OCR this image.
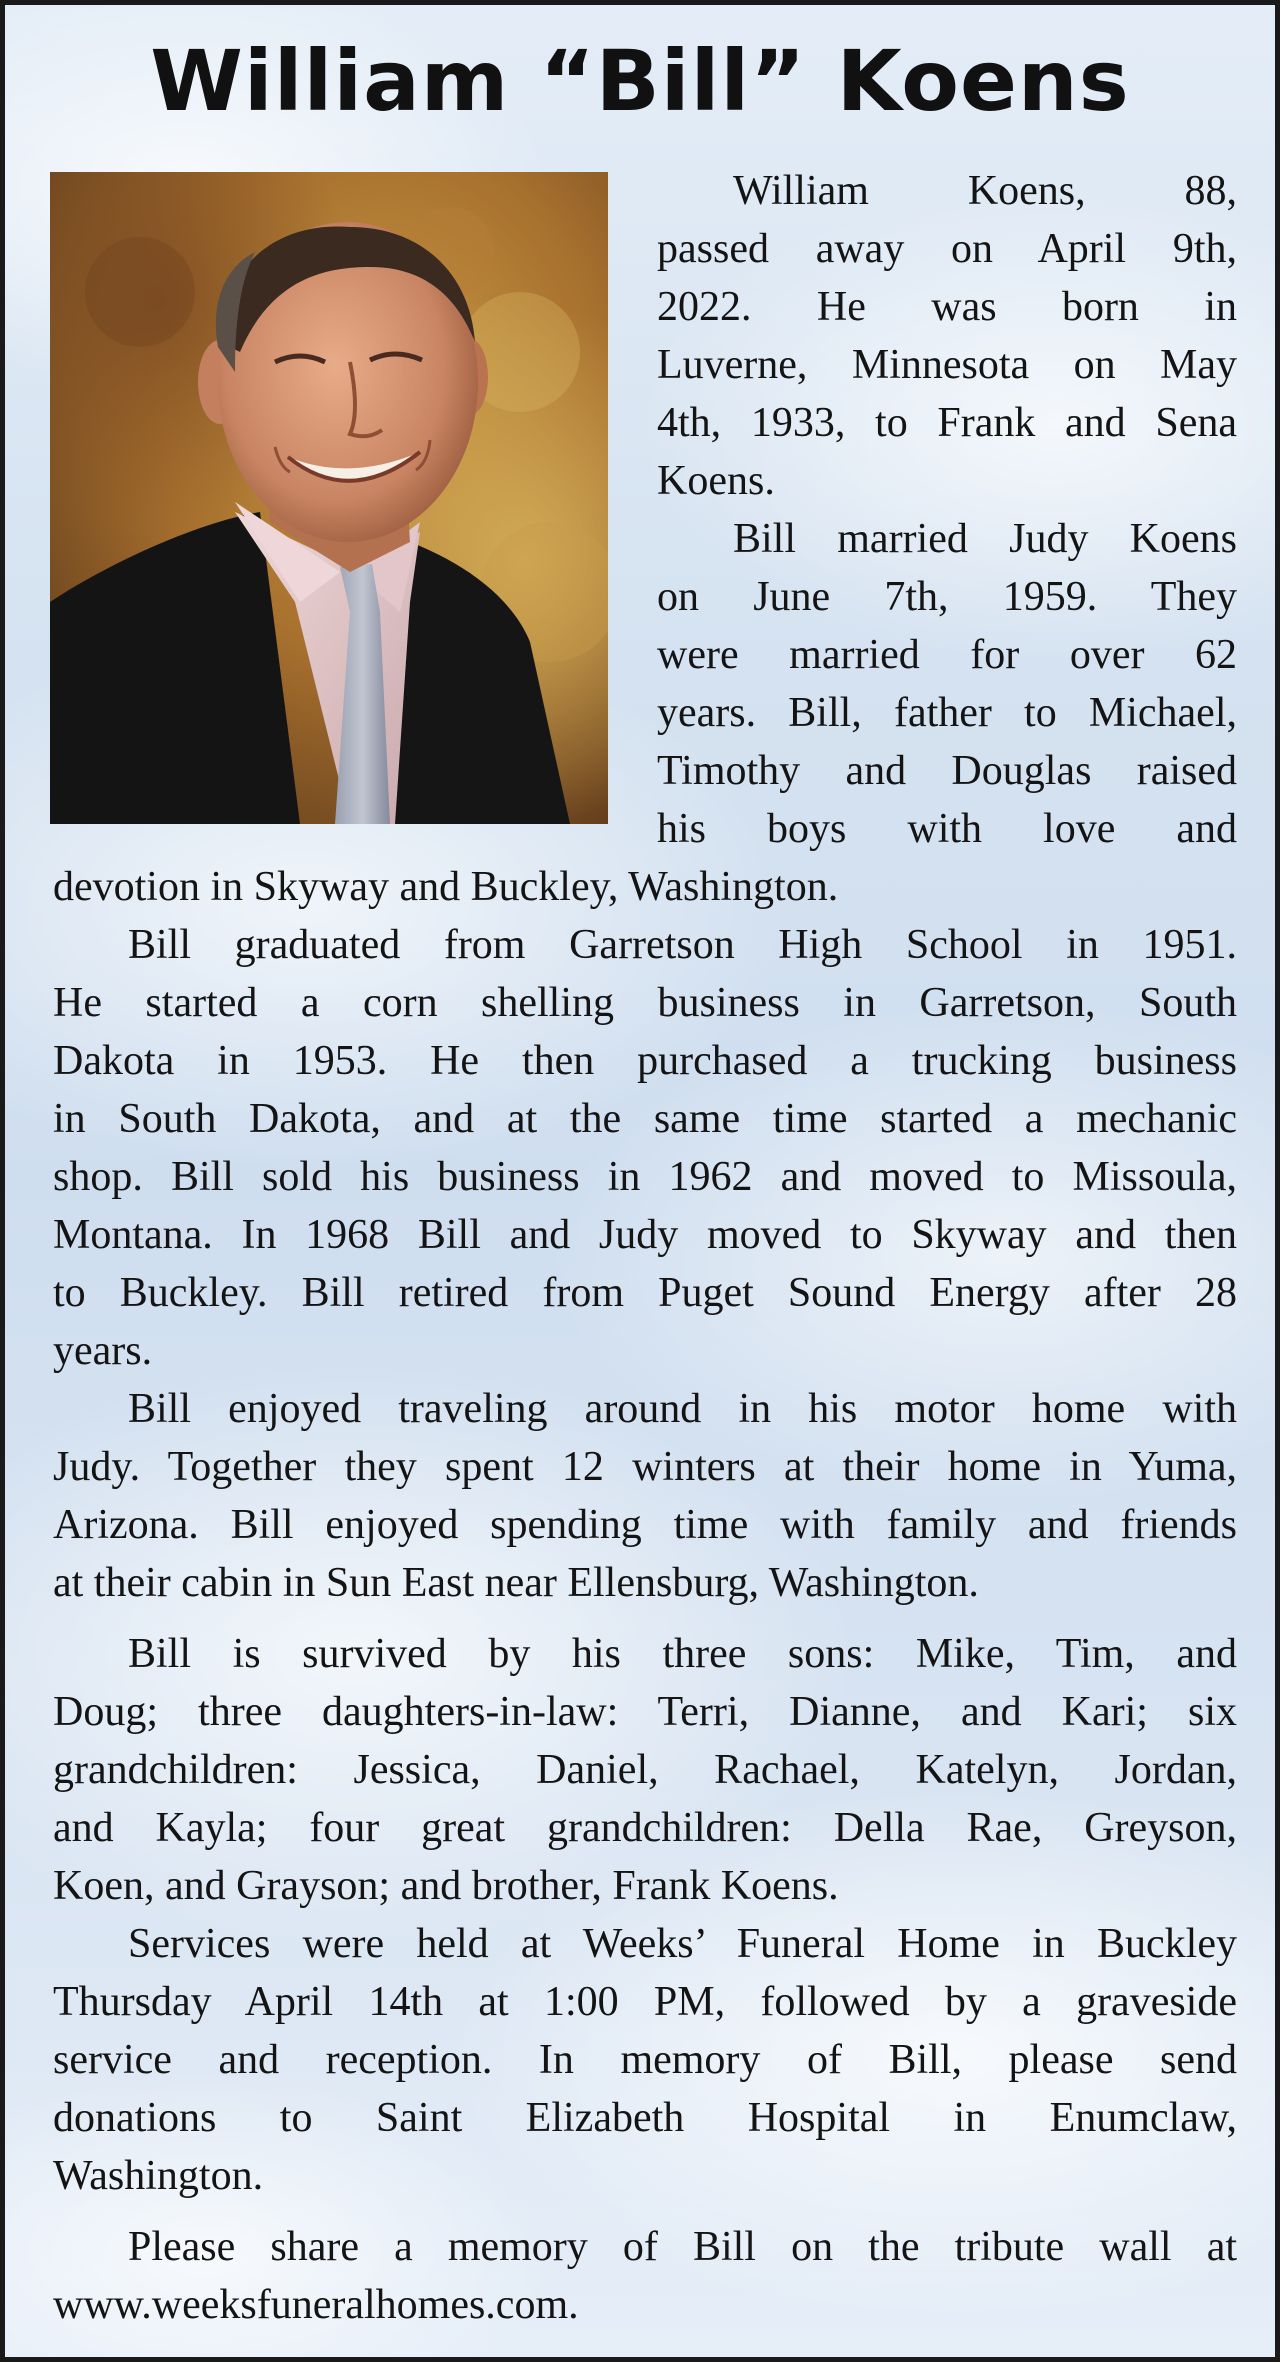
William “Bill” Koens

William Koens, 88,

passed away on April 9th,

2022. He was born in

Luverne, Minnesota on May

4th, 1933, to Frank and Sena

Koens.

Bill married Judy Koens

on June 7th, 1959. They

were married for over 62

years. Bill, father to Michael,

Timothy and Douglas raised

his boys with love and

devotion in Skyway and Buckley, Washington.

Bill graduated from Garretson High School in 1951.

He started a corn shelling business in Garretson, South

Dakota in 1953. He then purchased a trucking business

in South Dakota, and at the same time started a mechanic

shop. Bill sold his business in 1962 and moved to Missoula,

Montana. In 1968 Bill and Judy moved to Skyway and then

to Buckley. Bill retired from Puget Sound Energy after 28

years.

Bill enjoyed traveling around in his motor home with

Judy. Together they spent 12 winters at their home in Yuma,

Arizona. Bill enjoyed spending time with family and friends

at their cabin in Sun East near Ellensburg, Washington.

Bill is survived by his three sons: Mike, Tim, and

Doug; three daughters-in-law: Terri, Dianne, and Kari; six

grandchildren: Jessica, Daniel, Rachael, Katelyn, Jordan,

and Kayla; four great grandchildren: Della Rae, Greyson,

Koen, and Grayson; and brother, Frank Koens.

Services were held at Weeks’ Funeral Home in Buckley

Thursday April 14th at 1:00 PM, followed by a graveside

service and reception. In memory of Bill, please send

donations to Saint Elizabeth Hospital in Enumclaw,

Washington.

Please share a memory of Bill on the tribute wall at

www.weeksfuneralhomes.com.
